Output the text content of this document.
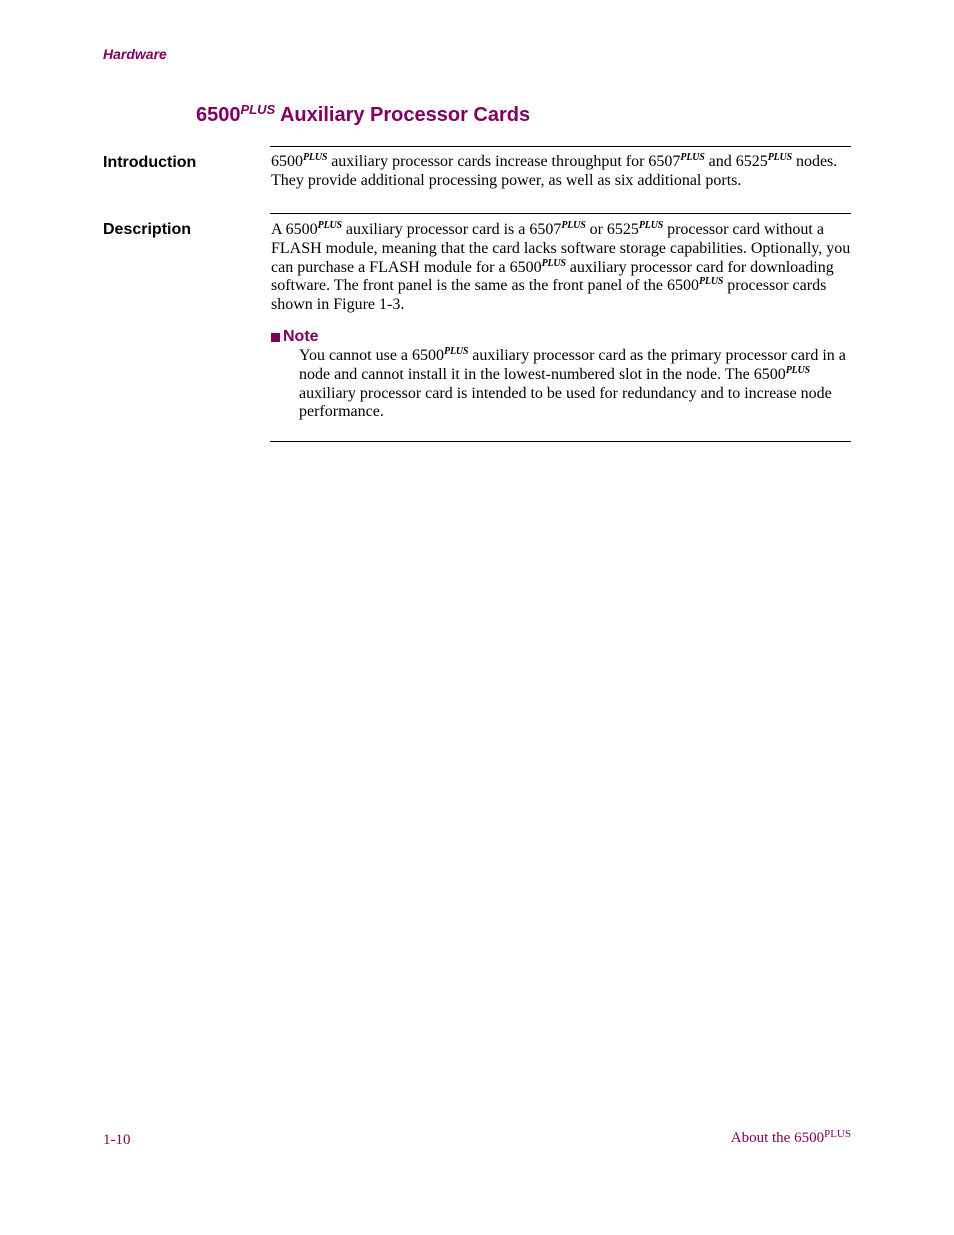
Hardware
$6500^{PLUS}$ Auxiliary Processor Cards
Introduction	$6500^{PLUS}$ auxiliary processor cards increase throughput for $6507^{PLUS}$ and $6525^{PLUS}$ nodes. They provide additional processing power, as well as six additional ports.
Description	A $6500^{PLUS}$ auxiliary processor card is a $6507^{PLUS}$ or $6525^{PLUS}$ processor card without a FLASH module, meaning that the card lacks software storage capabilities. Optionally, you can purchase a FLASH module for a $6500^{PLUS}$ auxiliary processor card for downloading software. The front panel is the same as the front panel of the $6500^{PLUS}$ processor cards shown in Figure 1-3.
Note
You cannot use a $6500^{PLUS}$ auxiliary processor card as the primary processor card in a node and cannot install it in the lowest-numbered slot in the node. The $6500^{PLUS}$ auxiliary processor card is intended to be used for redundancy and to increase node performance.
1-10	About the $6500^{PLUS}$
